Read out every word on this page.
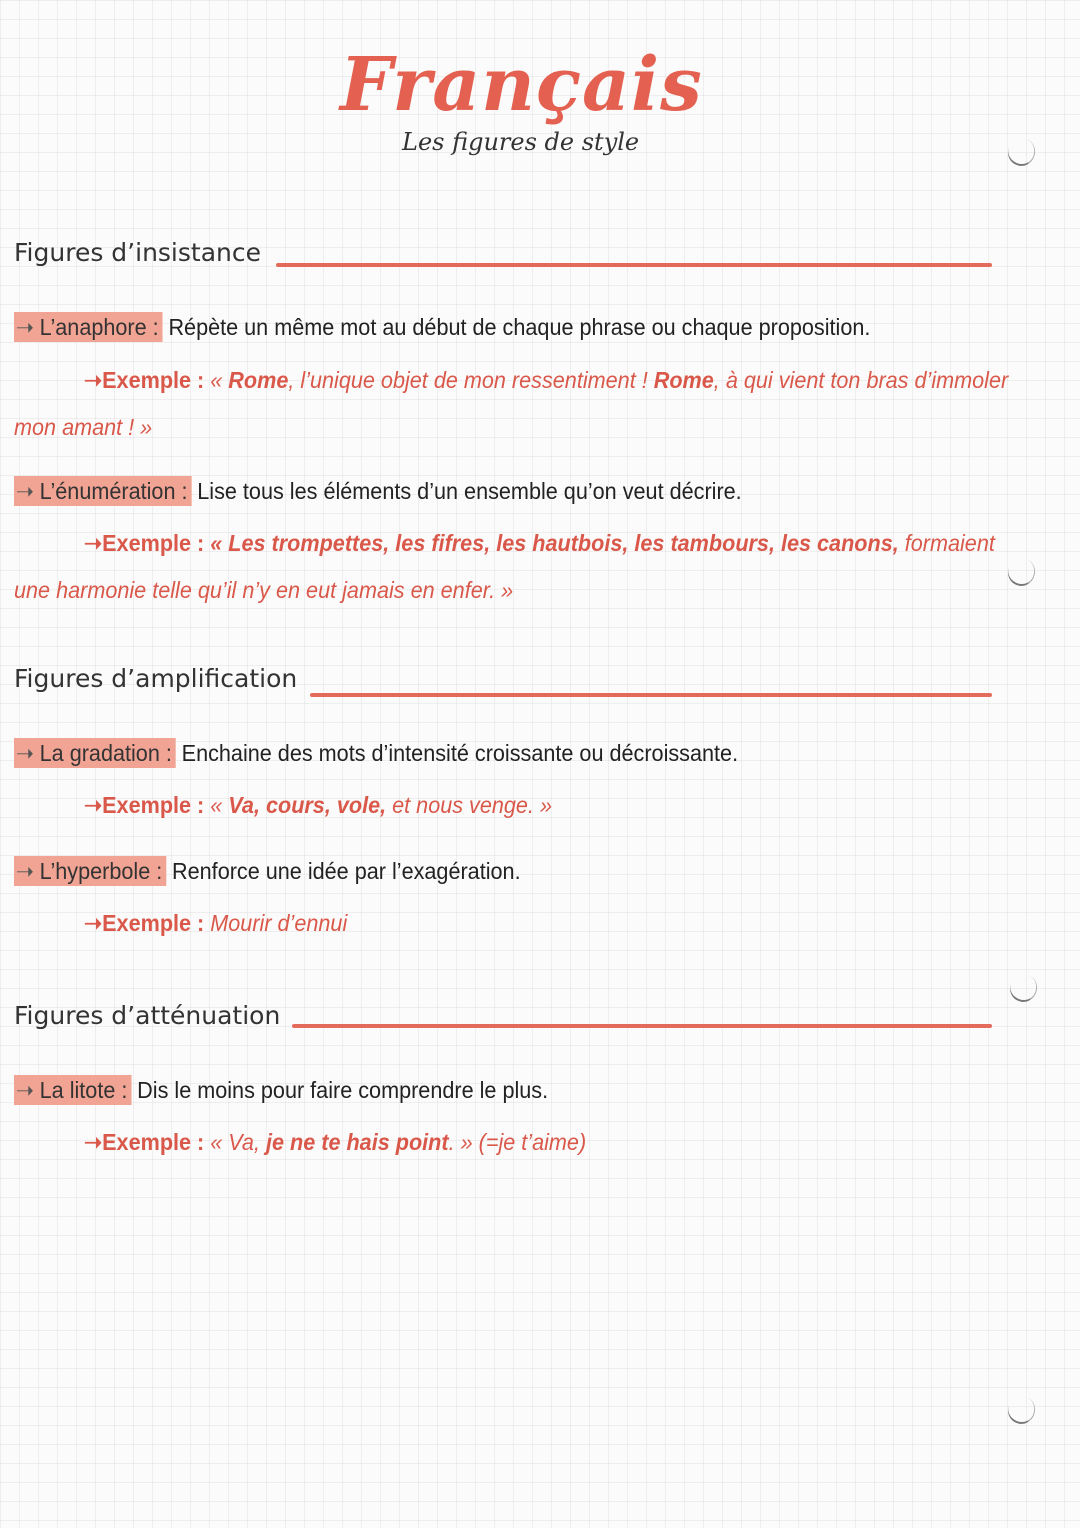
Français
Les figures de style
Figures d’insistance
➝ L’anaphore : Répète un même mot au début de chaque phrase ou chaque proposition.
➝Exemple : « Rome, l’unique objet de mon ressentiment ! Rome, à qui vient ton bras d’immoler
mon amant ! »
➝ L’énumération : Lise tous les éléments d’un ensemble qu’on veut décrire.
➝Exemple : « Les trompettes, les fifres, les hautbois, les tambours, les canons, formaient
une harmonie telle qu’il n’y en eut jamais en enfer. »
Figures d’amplification
➝ La gradation : Enchaine des mots d’intensité croissante ou décroissante.
➝Exemple : « Va, cours, vole, et nous venge. »
➝ L’hyperbole : Renforce une idée par l’exagération.
➝Exemple : Mourir d’ennui
Figures d’atténuation
➝ La litote : Dis le moins pour faire comprendre le plus.
➝Exemple : « Va, je ne te hais point. » (=je t’aime)
